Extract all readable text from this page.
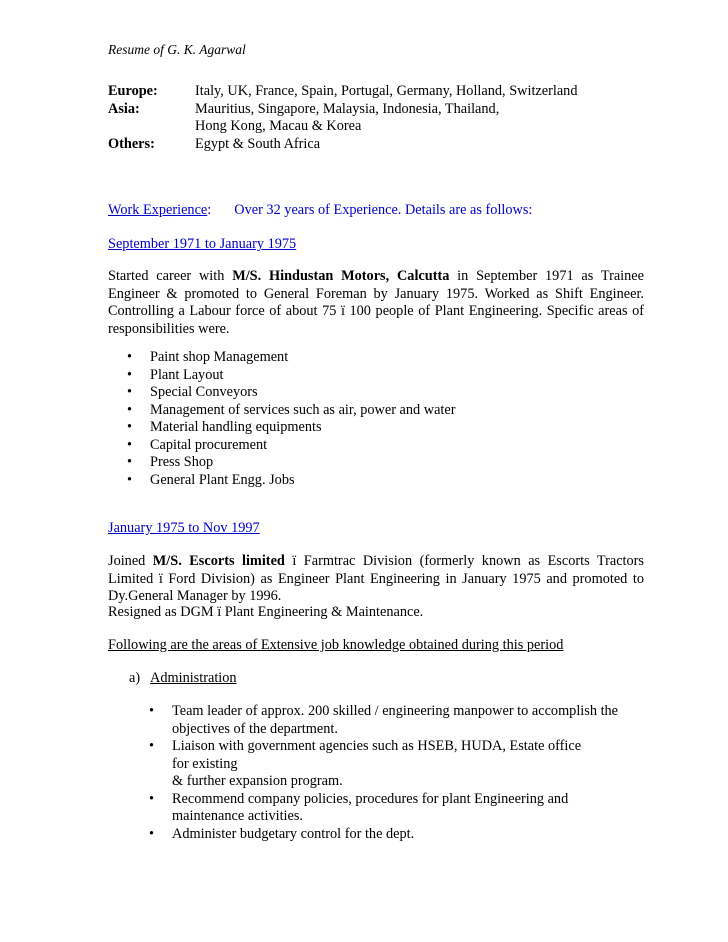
Resume of G. K. Agarwal
Europe:	Italy, UK, France, Spain, Portugal, Germany, Holland, Switzerland
Asia:	Mauritius, Singapore, Malaysia, Indonesia, Thailand,
Hong Kong, Macau & Korea
Others:	Egypt & South Africa
Work Experience : Over 32 years of Experience. Details are as follows:
September 1971 to January 1975
Started career with M/S. Hindustan Motors, Calcutta in September 1971 as Trainee Engineer & promoted to General Foreman by January 1975. Worked as Shift Engineer. Controlling a Labour force of about 75 ï 100 people of Plant Engineering. Specific areas of responsibilities were.
• Paint shop Management
• Plant Layout
• Special Conveyors
• Management of services such as air, power and water
• Material handling equipments
• Capital procurement
• Press Shop
• General Plant Engg. Jobs
January 1975 to Nov 1997
Joined M/S. Escorts limited ï Farmtrac Division (formerly known as Escorts Tractors Limited ï Ford Division) as Engineer Plant Engineering in January 1975 and promoted to Dy.General Manager by 1996.
Resigned as DGM ï Plant Engineering & Maintenance.
Following are the areas of Extensive job knowledge obtained during this period
a) Administration
• Team leader of approx. 200 skilled / engineering manpower to accomplish the objectives of the department.
• Liaison with government agencies such as HSEB, HUDA, Estate office for existing
& further expansion program.
• Recommend company policies, procedures for plant Engineering and maintenance activities.
• Administer budgetary control for the dept.
